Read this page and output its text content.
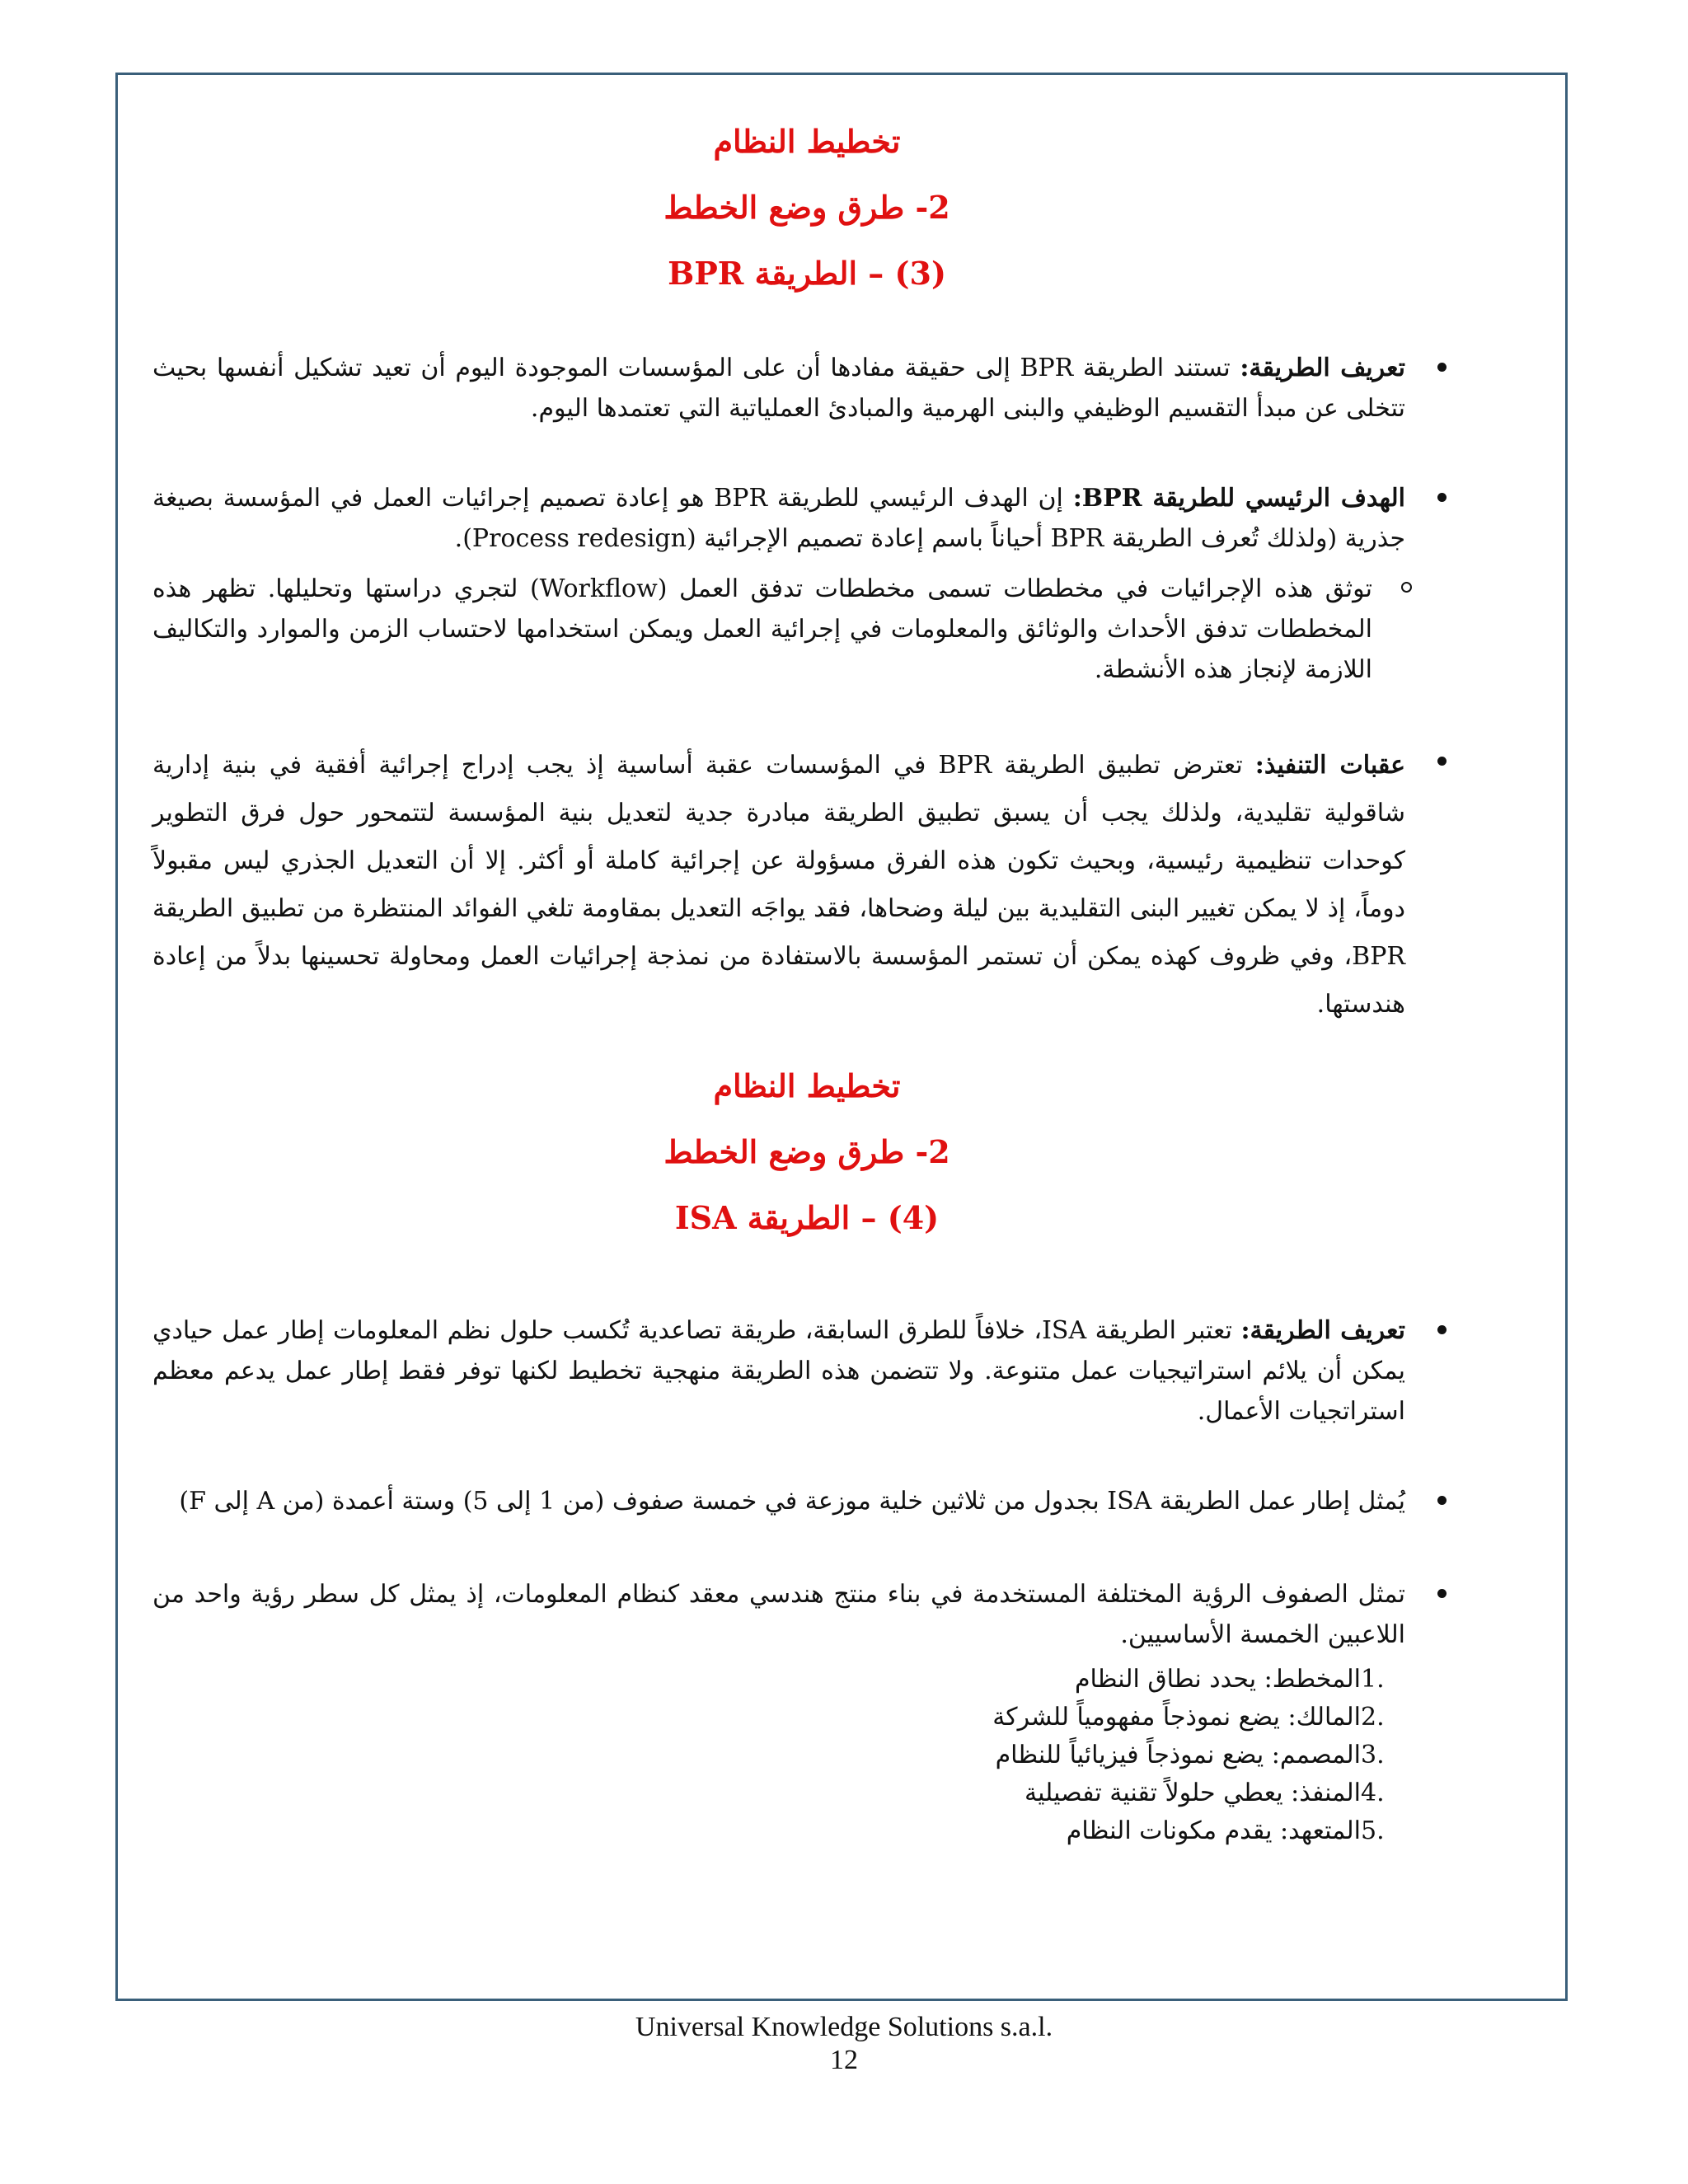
تخطيط النظام
2- طرق وضع الخطط
(3) – الطريقة BPR
تعريف الطريقة: تستند الطريقة BPR إلى حقيقة مفادها أن على المؤسسات الموجودة اليوم أن تعيد تشكيل أنفسها بحيث تتخلى عن مبدأ التقسيم الوظيفي والبنى الهرمية والمبادئ العملياتية التي تعتمدها اليوم.
الهدف الرئيسي للطريقة BPR: إن الهدف الرئيسي للطريقة BPR هو إعادة تصميم إجرائيات العمل في المؤسسة بصيغة جذرية (ولذلك تُعرف الطريقة BPR أحياناً باسم إعادة تصميم الإجرائية (Process redesign).
توثق هذه الإجرائيات في مخططات تسمى مخططات تدفق العمل (Workflow) لتجري دراستها وتحليلها. تظهر هذه المخططات تدفق الأحداث والوثائق والمعلومات في إجرائية العمل ويمكن استخدامها لاحتساب الزمن والموارد والتكاليف اللازمة لإنجاز هذه الأنشطة.
عقبات التنفيذ: تعترض تطبيق الطريقة BPR في المؤسسات عقبة أساسية إذ يجب إدراج إجرائية أفقية في بنية إدارية شاقولية تقليدية، ولذلك يجب أن يسبق تطبيق الطريقة مبادرة جدية لتعديل بنية المؤسسة لتتمحور حول فرق التطوير كوحدات تنظيمية رئيسية، وبحيث تكون هذه الفرق مسؤولة عن إجرائية كاملة أو أكثر. إلا أن التعديل الجذري ليس مقبولاً دوماً، إذ لا يمكن تغيير البنى التقليدية بين ليلة وضحاها، فقد يواجَه التعديل بمقاومة تلغي الفوائد المنتظرة من تطبيق الطريقة BPR، وفي ظروف كهذه يمكن أن تستمر المؤسسة بالاستفادة من نمذجة إجرائيات العمل ومحاولة تحسينها بدلاً من إعادة هندستها.
تخطيط النظام
2- طرق وضع الخطط
(4) – الطريقة ISA
تعريف الطريقة: تعتبر الطريقة ISA، خلافاً للطرق السابقة، طريقة تصاعدية تُكسب حلول نظم المعلومات إطار عمل حيادي يمكن أن يلائم استراتيجيات عمل متنوعة. ولا تتضمن هذه الطريقة منهجية تخطيط لكنها توفر فقط إطار عمل يدعم معظم استراتجيات الأعمال.
يُمثل إطار عمل الطريقة ISA بجدول من ثلاثين خلية موزعة في خمسة صفوف (من 1 إلى 5) وستة أعمدة (من A إلى F)
تمثل الصفوف الرؤية المختلفة المستخدمة في بناء منتج هندسي معقد كنظام المعلومات، إذ يمثل كل سطر رؤية واحد من اللاعبين الخمسة الأساسيين.
1.المخطط: يحدد نطاق النظام
2.المالك: يضع نموذجاً مفهومياً للشركة
3.المصمم: يضع نموذجاً فيزيائياً للنظام
4.المنفذ: يعطي حلولاً تقنية تفصيلية
5.المتعهد: يقدم مكونات النظام
Universal Knowledge Solutions s.a.l.
12
